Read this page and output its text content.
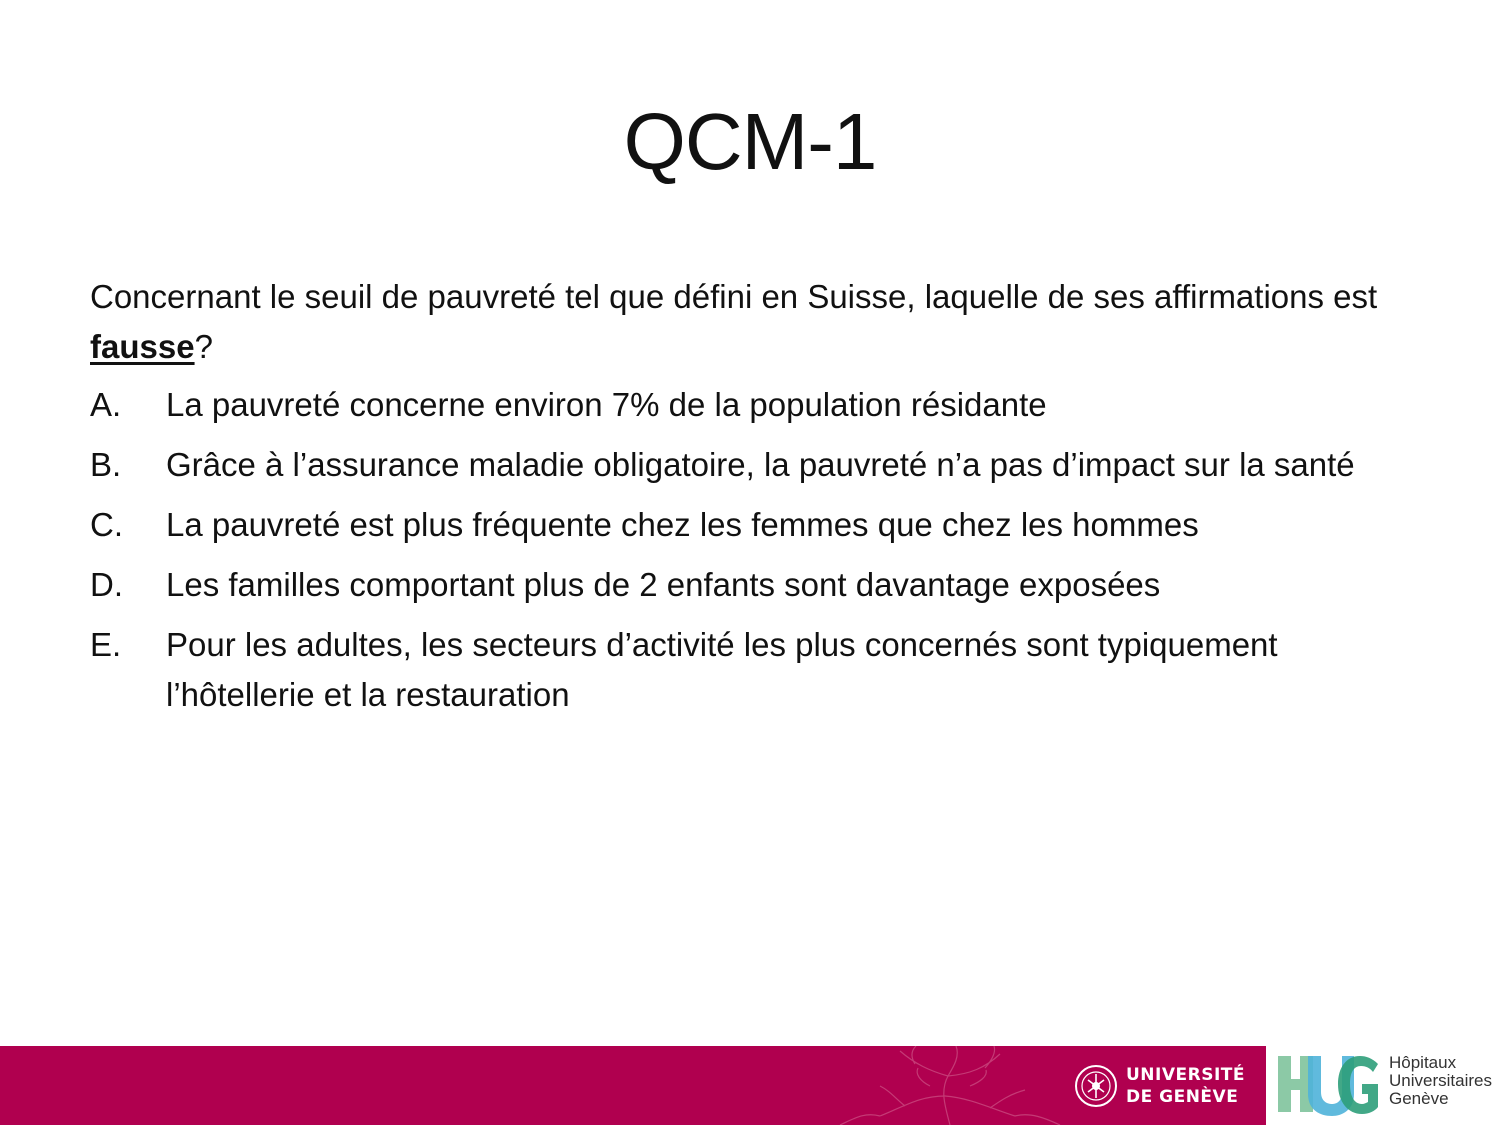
QCM-1

Concernant le seuil de pauvreté tel que défini en Suisse, laquelle de ses affirmations est fausse?

A.	La pauvreté concerne environ 7% de la population résidante
B.	Grâce à l’assurance maladie obligatoire, la pauvreté n’a pas d’impact sur la santé
C.	La pauvreté est plus fréquente chez les femmes que chez les hommes
D.	Les familles comportant plus de 2 enfants sont davantage exposées
E.	Pour les adultes, les secteurs d’activité les plus concernés sont typiquement l’hôtellerie et la restauration
UNIVERSITÉ
DE GENÈVE
Hôpitaux
Universitaires
Genève
